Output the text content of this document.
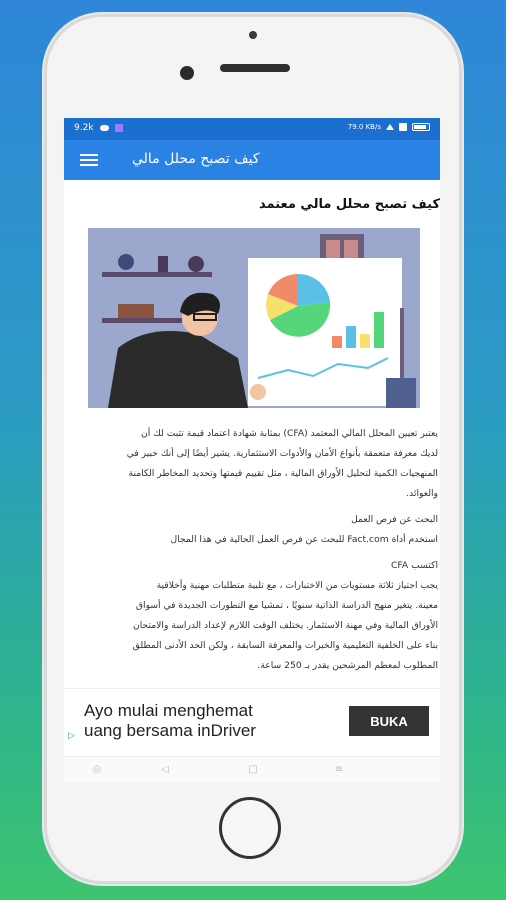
9.2k	79.0 KB/s
كيف تصبح محلل مالي
كيف تصبح محلل مالي معتمد
يعتبر تعيين المحلل المالي المعتمد (CFA) بمثابة شهادة اعتماد قيمة تثبت لك أن
لديك معرفة متعمقة بأنواع الأمان والأدوات الاستثمارية. يشير أيضًا إلى أنك خبير في
المنهجيات الكمية لتحليل الأوراق المالية ، مثل تقييم قيمتها وتحديد المخاطر الكامنة
والعوائد.
البحث عن فرص العمل
استخدم أداة Fact.com للبحث عن فرص العمل الحالية في هذا المجال
اكتسب CFA
يجب اجتياز ثلاثة مستويات من الاختبارات ، مع تلبية متطلبات مهنية وأخلاقية
معينة. يتغير منهج الدراسة الذاتية سنويًا ، تمشيا مع التطورات الجديدة في أسواق
الأوراق المالية وفي مهنة الاستثمار. يختلف الوقت اللازم لإعداد الدراسة والامتحان
بناء على الخلفية التعليمية والخبرات والمعرفة السابقة ، ولكن الحد الأدنى المطلق
المطلوب لمعظم المرشحين يقدر بـ 250 ساعة.
Ayo mulai menghemat
uang bersama inDriver	BUKA
▷
◎	◁	□	≡
